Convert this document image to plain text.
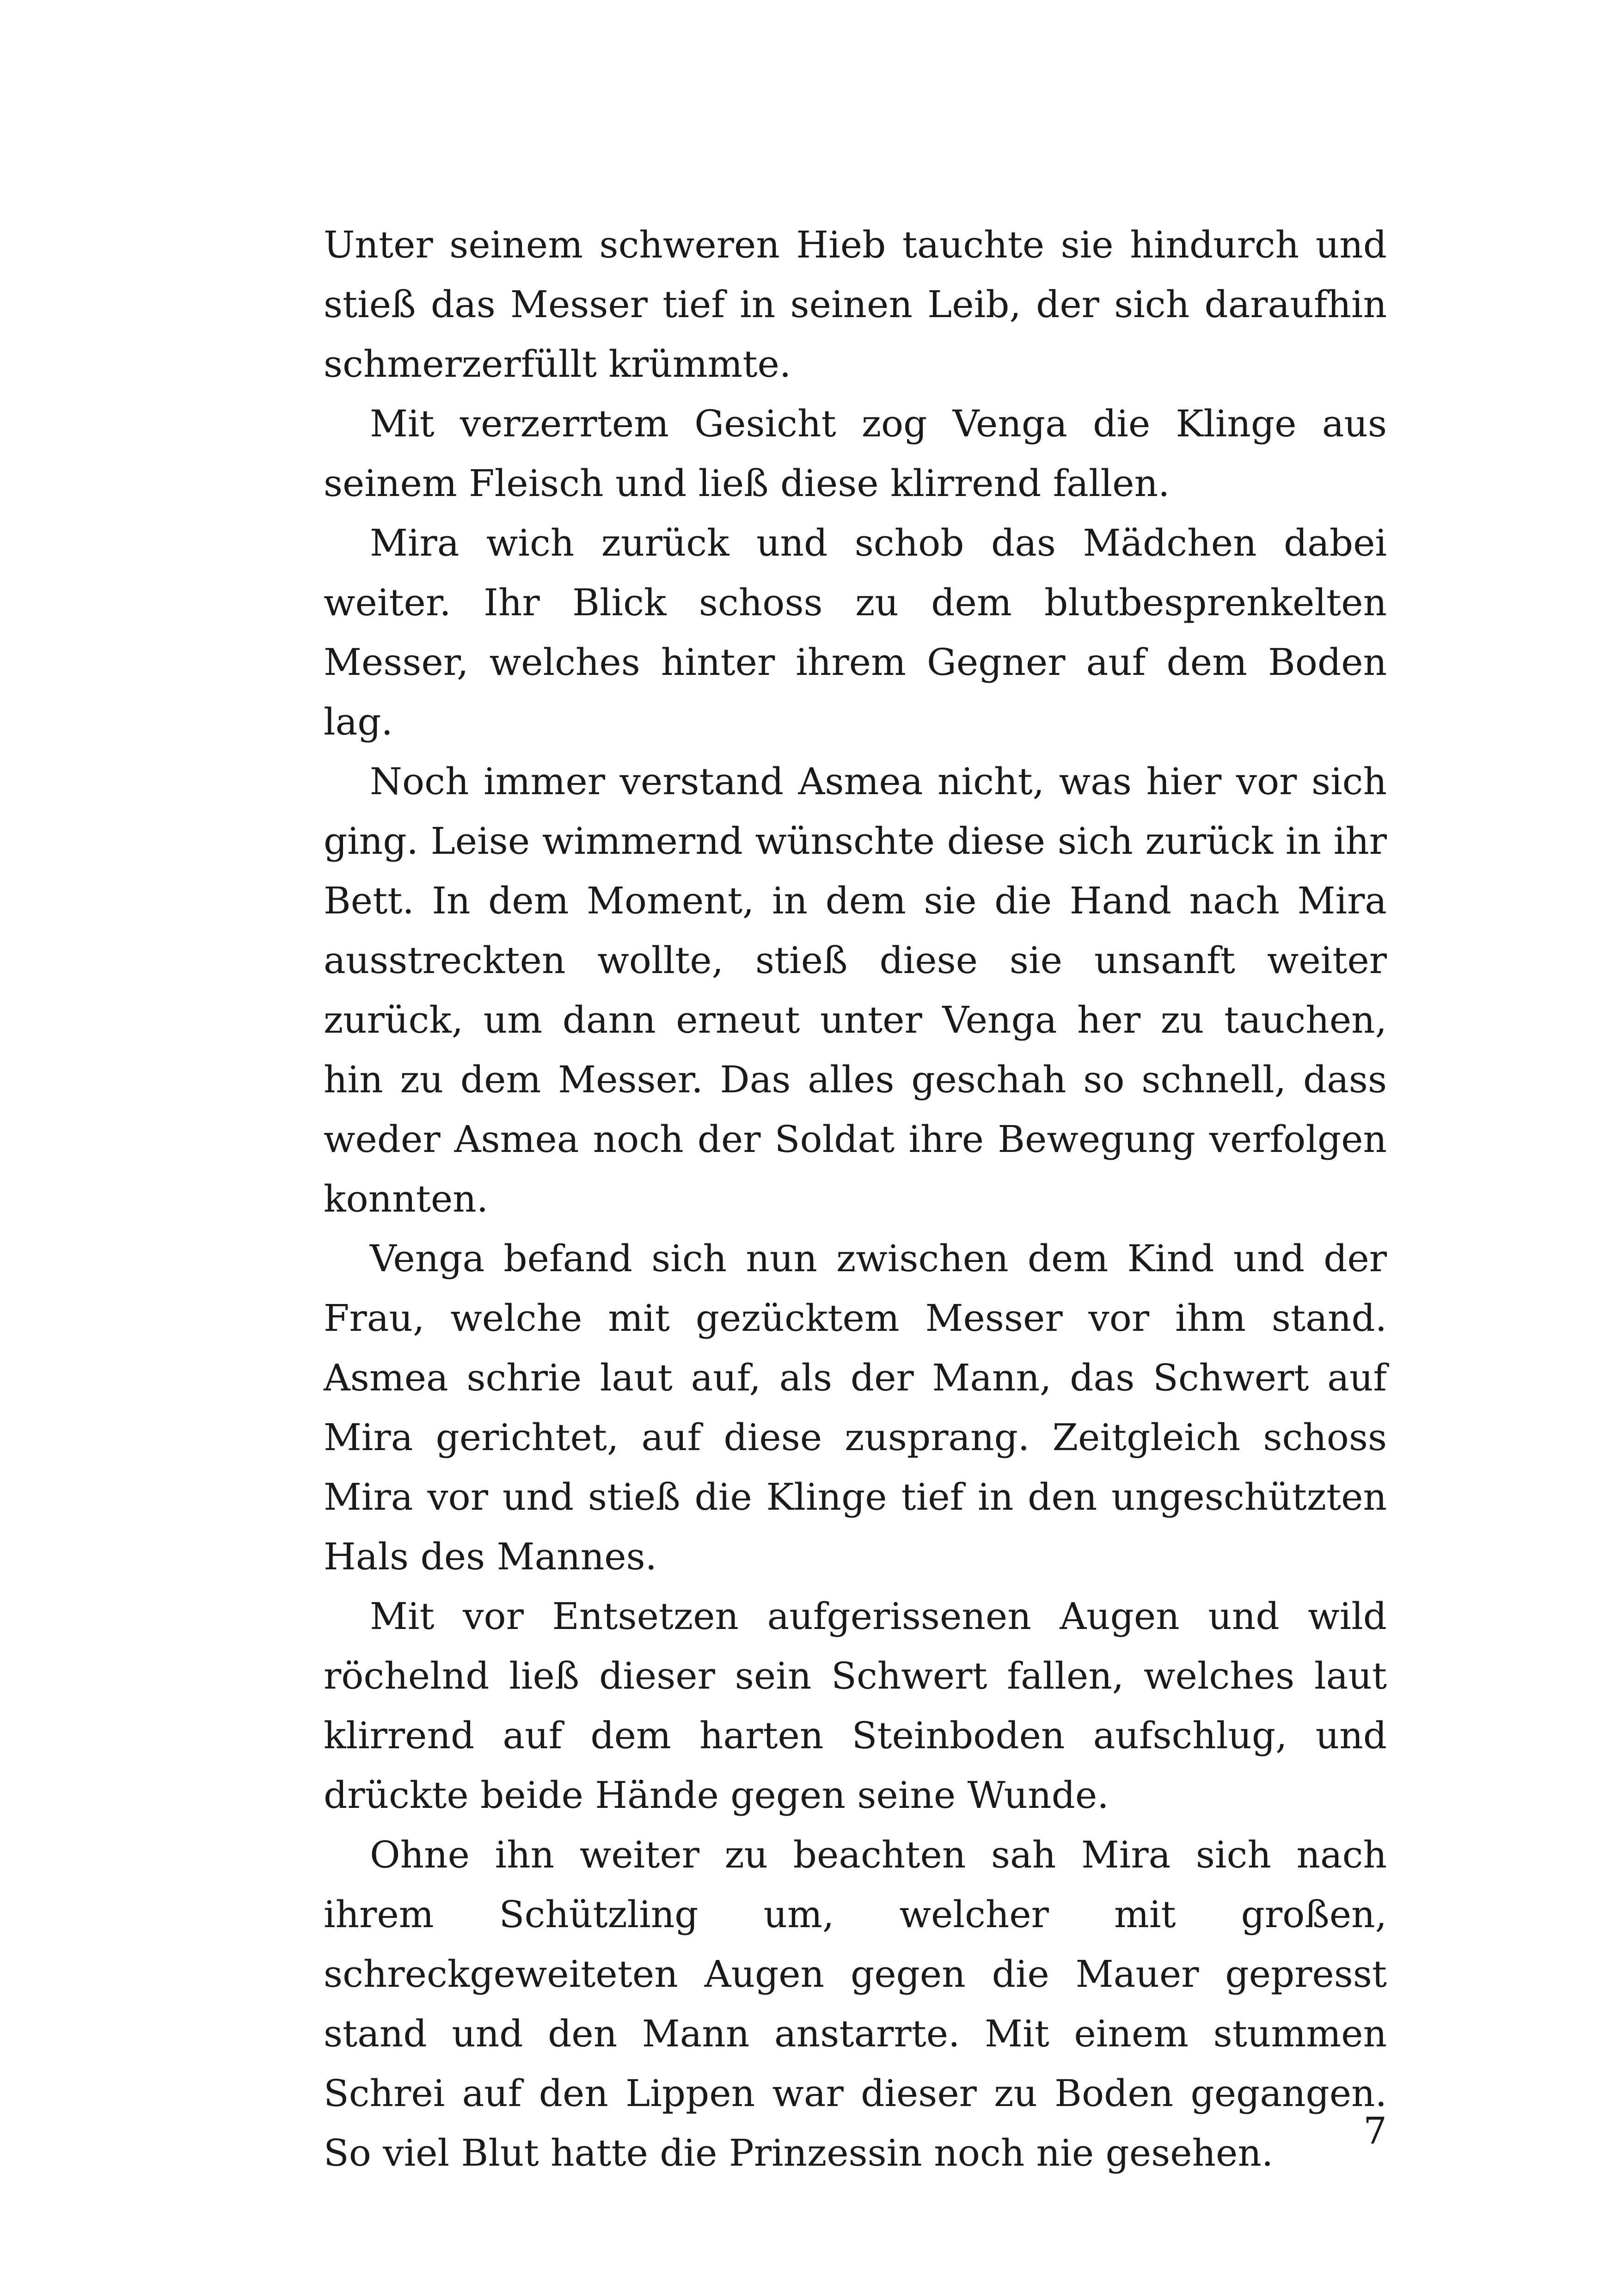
Unter seinem schweren Hieb tauchte sie hindurch und stieß das Messer tief in seinen Leib, der sich daraufhin schmerzerfüllt krümmte.

Mit verzerrtem Gesicht zog Venga die Klinge aus seinem Fleisch und ließ diese klirrend fallen.

Mira wich zurück und schob das Mädchen dabei weiter. Ihr Blick schoss zu dem blutbesprenkelten Messer, welches hinter ihrem Gegner auf dem Boden lag.

Noch immer verstand Asmea nicht, was hier vor sich ging. Leise wimmernd wünschte diese sich zurück in ihr Bett. In dem Moment, in dem sie die Hand nach Mira ausstreckten wollte, stieß diese sie unsanft weiter zurück, um dann erneut unter Venga her zu tauchen, hin zu dem Messer. Das alles geschah so schnell, dass weder Asmea noch der Soldat ihre Bewegung verfolgen konnten.

Venga befand sich nun zwischen dem Kind und der Frau, welche mit gezücktem Messer vor ihm stand. Asmea schrie laut auf, als der Mann, das Schwert auf Mira gerichtet, auf diese zusprang. Zeitgleich schoss Mira vor und stieß die Klinge tief in den ungeschützten Hals des Mannes.

Mit vor Entsetzen aufgerissenen Augen und wild röchelnd ließ dieser sein Schwert fallen, welches laut klirrend auf dem harten Steinboden aufschlug, und drückte beide Hände gegen seine Wunde.

Ohne ihn weiter zu beachten sah Mira sich nach ihrem Schützling um, welcher mit großen, schreckgeweiteten Augen gegen die Mauer gepresst stand und den Mann anstarrte. Mit einem stummen Schrei auf den Lippen war dieser zu Boden gegangen. So viel Blut hatte die Prinzessin noch nie gesehen.

7
